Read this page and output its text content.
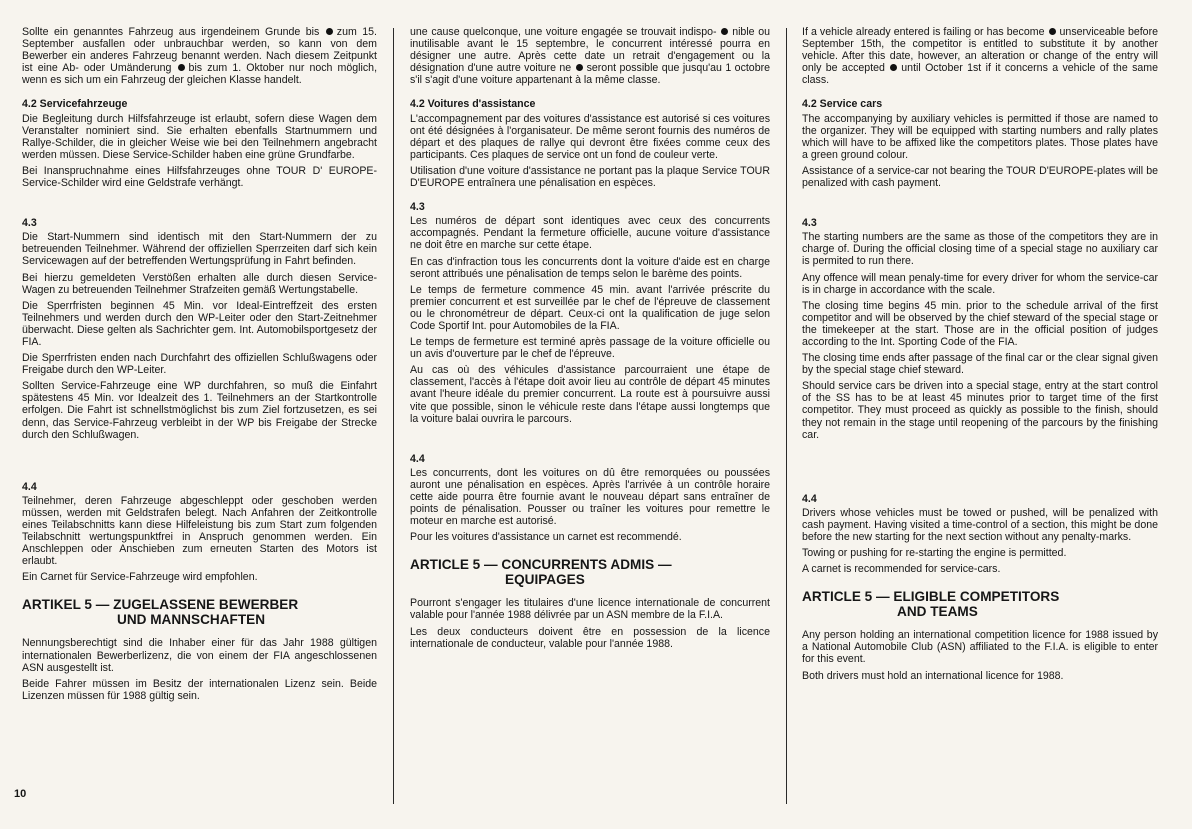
Sollte ein genanntes Fahrzeug aus irgendeinem Grunde bis zum 15. September ausfallen oder unbrauchbar werden, so kann von dem Bewerber ein anderes Fahrzeug benannt werden. Nach diesem Zeitpunkt ist eine Ab- oder Umänderung bis zum 1. Oktober nur noch möglich, wenn es sich um ein Fahrzeug der gleichen Klasse handelt.

4.2 Servicefahrzeuge

Die Begleitung durch Hilfsfahrzeuge ist erlaubt, sofern diese Wagen dem Veranstalter nominiert sind. Sie erhalten ebenfalls Startnummern und Rallye-Schilder, die in gleicher Weise wie bei den Teilnehmern angebracht werden müssen. Diese Service-Schilder haben eine grüne Grundfarbe.

Bei Inanspruchnahme eines Hilfsfahrzeuges ohne TOUR D' EUROPE-Service-Schilder wird eine Geldstrafe verhängt.

4.3

Die Start-Nummern sind identisch mit den Start-Nummern der zu betreuenden Teilnehmer. Während der offiziellen Sperrzeiten darf sich kein Servicewagen auf der betreffenden Wertungsprüfung in Fahrt befinden.

Bei hierzu gemeldeten Verstößen erhalten alle durch diesen Service-Wagen zu betreuenden Teilnehmer Strafzeiten gemäß Wertungstabelle.

Die Sperrfristen beginnen 45 Min. vor Ideal-Eintreffzeit des ersten Teilnehmers und werden durch den WP-Leiter oder den Start-Zeitnehmer überwacht. Diese gelten als Sachrichter gem. Int. Automobilsportgesetz der FIA.

Die Sperrfristen enden nach Durchfahrt des offiziellen Schlußwagens oder Freigabe durch den WP-Leiter.

Sollten Service-Fahrzeuge eine WP durchfahren, so muß die Einfahrt spätestens 45 Min. vor Idealzeit des 1. Teilnehmers an der Startkontrolle erfolgen. Die Fahrt ist schnellstmöglichst bis zum Ziel fortzusetzen, es sei denn, das Service-Fahrzeug verbleibt in der WP bis Freigabe der Strecke durch den Schlußwagen.

4.4

Teilnehmer, deren Fahrzeuge abgeschleppt oder geschoben werden müssen, werden mit Geldstrafen belegt. Nach Anfahren der Zeitkontrolle eines Teilabschnitts kann diese Hilfeleistung bis zum Start zum folgenden Teilabschnitt wertungspunktfrei in Anspruch genommen werden. Ein Anschleppen oder Anschieben zum erneuten Starten des Motors ist erlaubt.

Ein Carnet für Service-Fahrzeuge wird empfohlen.

ARTIKEL 5 — ZUGELASSENE BEWERBER
UND MANNSCHAFTEN

Nennungsberechtigt sind die Inhaber einer für das Jahr 1988 gültigen internationalen Bewerberlizenz, die von einem der FIA angeschlossenen ASN ausgestellt ist.

Beide Fahrer müssen im Besitz der internationalen Lizenz sein. Beide Lizenzen müssen für 1988 gültig sein.

une cause quelconque, une voiture engagée se trouvait indispo- nible ou inutilisable avant le 15 septembre, le concurrent intéressé pourra en désigner une autre. Après cette date un retrait d'engagement ou la désignation d'une autre voiture ne seront possible que jusqu'au 1 octobre s'il s'agit d'une voiture appartenant à la même classe.

4.2 Voitures d'assistance

L'accompagnement par des voitures d'assistance est autorisé si ces voitures ont été désignées à l'organisateur. De même seront fournis des numéros de départ et des plaques de rallye qui devront être fixées comme ceux des participants. Ces plaques de service ont un fond de couleur verte.

Utilisation d'une voiture d'assistance ne portant pas la plaque Service TOUR D'EUROPE entraînera une pénalisation en espèces.

4.3

Les numéros de départ sont identiques avec ceux des concurrents accompagnés. Pendant la fermeture officielle, aucune voiture d'assistance ne doit être en marche sur cette étape.

En cas d'infraction tous les concurrents dont la voiture d'aide est en charge seront attribués une pénalisation de temps selon le barème des points.

Le temps de fermeture commence 45 min. avant l'arrivée préscrite du premier concurrent et est surveillée par le chef de l'épreuve de classement ou le chronométreur de départ. Ceux-ci ont la qualification de juge selon Code Sportif Int. pour Automobiles de la FIA.

Le temps de fermeture est terminé après passage de la voiture officielle ou un avis d'ouverture par le chef de l'épreuve.

Au cas où des véhicules d'assistance parcourraient une étape de classement, l'accès à l'étape doit avoir lieu au contrôle de départ 45 minutes avant l'heure idéale du premier concurrent. La route est à poursuivre aussi vite que possible, sinon le véhicule reste dans l'étape aussi longtemps que la voiture balai ouvrira le parcours.

4.4

Les concurrents, dont les voitures on dû être remorquées ou poussées auront une pénalisation en espèces. Après l'arrivée à un contrôle horaire cette aide pourra être fournie avant le nouveau départ sans entraîner de points de pénalisation. Pousser ou traîner les voitures pour remettre le moteur en marche est autorisé.

Pour les voitures d'assistance un carnet est recommendé.

ARTICLE 5 — CONCURRENTS ADMIS —
EQUIPAGES

Pourront s'engager les titulaires d'une licence internationale de concurrent valable pour l'année 1988 délivrée par un ASN membre de la F.I.A.

Les deux conducteurs doivent être en possession de la licence internationale de conducteur, valable pour l'année 1988.

If a vehicle already entered is failing or has become unserviceable before September 15th, the competitor is entitled to substitute it by another vehicle. After this date, however, an alteration or change of the entry will only be accepted until October 1st if it concerns a vehicle of the same class.

4.2 Service cars

The accompanying by auxiliary vehicles is permitted if those are named to the organizer. They will be equipped with starting numbers and rally plates which will have to be affixed like the competitors plates. Those plates have a green ground colour.

Assistance of a service-car not bearing the TOUR D'EUROPE-plates will be penalized with cash payment.

4.3

The starting numbers are the same as those of the competitors they are in charge of. During the official closing time of a special stage no auxiliary car is permited to run there.

Any offence will mean penaly-time for every driver for whom the service-car is in charge in accordance with the scale.

The closing time begins 45 min. prior to the schedule arrival of the first competitor and will be observed by the chief steward of the special stage or the timekeeper at the start. Those are in the official position of judges according to the Int. Sporting Code of the FIA.

The closing time ends after passage of the final car or the clear signal given by the special stage chief steward.

Should service cars be driven into a special stage, entry at the start control of the SS has to be at least 45 minutes prior to target time of the first competitor. They must proceed as quickly as possible to the finish, should they not remain in the stage until reopening of the parcours by the finishing car.

4.4

Drivers whose vehicles must be towed or pushed, will be penalized with cash payment. Having visited a time-control of a section, this might be done before the new starting for the next section without any penalty-marks.

Towing or pushing for re-starting the engine is permitted.

A carnet is recommended for service-cars.

ARTICLE 5 — ELIGIBLE COMPETITORS
AND TEAMS

Any person holding an international competition licence for 1988 issued by a National Automobile Club (ASN) affiliated to the F.I.A. is eligible to enter for this event.

Both drivers must hold an international licence for 1988.

10
